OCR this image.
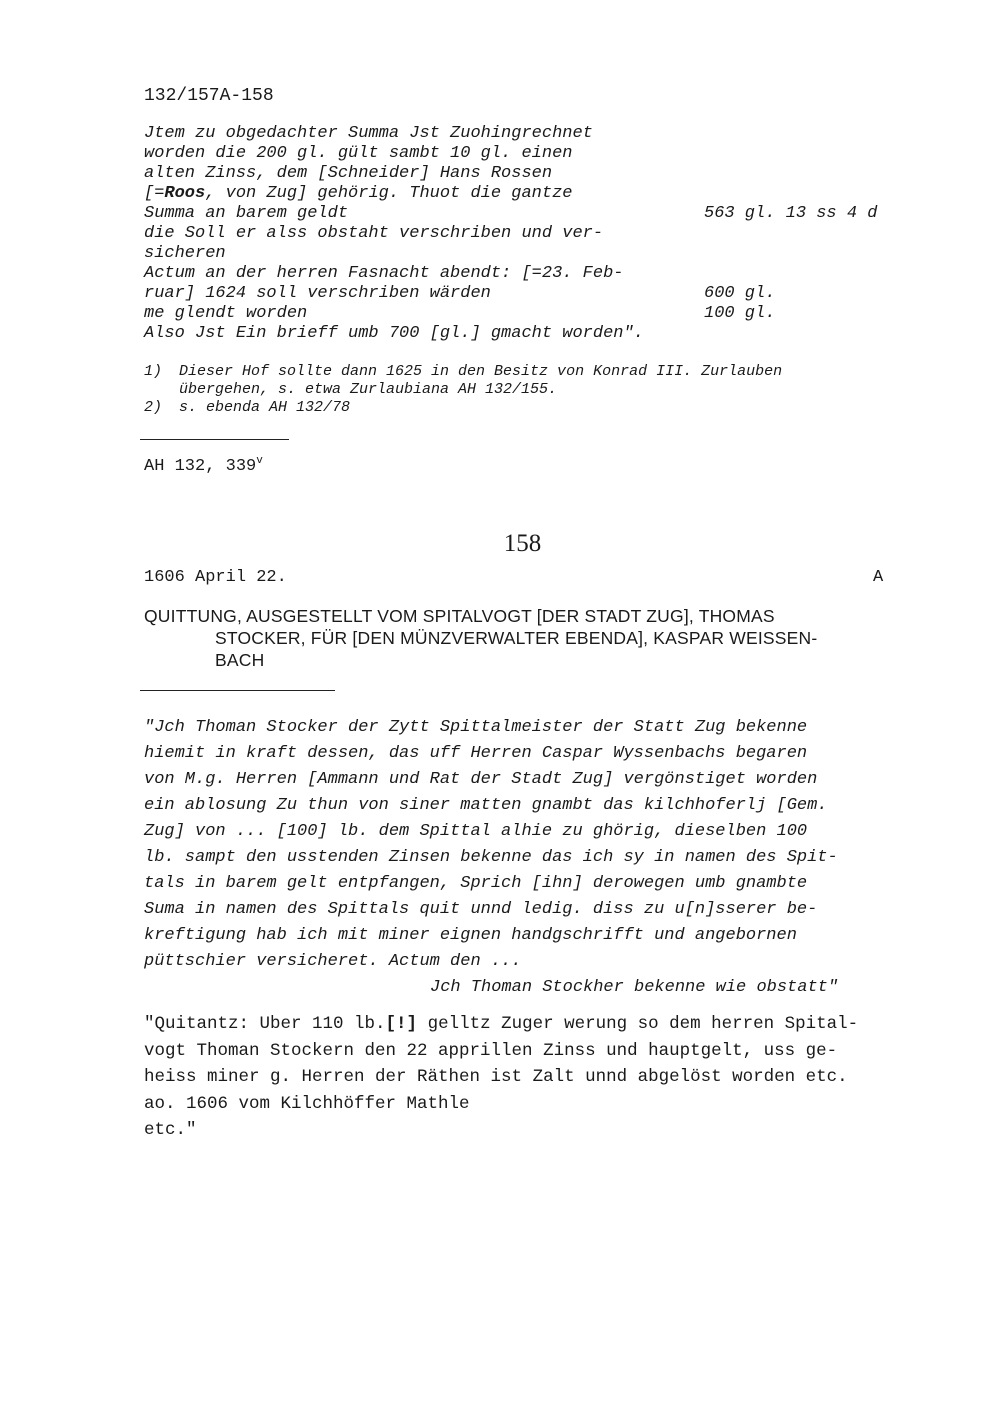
132/157A-158
Jtem zu obgedachter Summa Jst Zuohingrechnet
worden die 200 gl. gült sambt 10 gl. einen
alten Zinss, dem [Schneider] Hans Rossen
[=Roos, von Zug] gehörig. Thuot die gantze
Summa an barem geldt	563 gl. 13 ss 4 d
die Soll er alss obstaht verschriben und ver-
sicheren
Actum an der herren Fasnacht abendt: [=23. Feb-
ruar] 1624 soll verschriben wärden	600 gl.
me glendt worden	100 gl.
Also Jst Ein brieff umb 700 [gl.] gmacht worden".
1) Dieser Hof sollte dann 1625 in den Besitz von Konrad III. Zurlauben
übergehen, s. etwa Zurlaubiana AH 132/155.
2) s. ebenda AH 132/78
AH 132, 339$^v$
158
1606 April 22.	A
QUITTUNG, AUSGESTELLT VOM SPITALVOGT [DER STADT ZUG], THOMAS
STOCKER, FÜR [DEN MÜNZVERWALTER EBENDA], KASPAR WEISSEN-
BACH
"Jch Thoman Stocker der Zytt Spittalmeister der Statt Zug bekenne
hiemit in kraft dessen, das uff Herren Caspar Wyssenbachs begaren
von M.g. Herren [Ammann und Rat der Stadt Zug] vergönstiget worden
ein ablosung Zu thun von siner matten gnambt das kilchhoferlj [Gem.
Zug] von ... [100] lb. dem Spittal alhie zu ghörig, dieselben 100
lb. sampt den usstenden Zinsen bekenne das ich sy in namen des Spit-
tals in barem gelt entpfangen, Sprich [ihn] derowegen umb gnambte
Suma in namen des Spittals quit unnd ledig. diss zu u[n]sserer be-
kreftigung hab ich mit miner eignen handgschrifft und angebornen
püttschier versicheret. Actum den ...
Jch Thoman Stockher bekenne wie obstatt"
"Quitantz: Uber 110 lb.[!] gelltz Zuger werung so dem herren Spital-
vogt Thoman Stockern den 22 apprillen Zinss und hauptgelt, uss ge-
heiss miner g. Herren der Räthen ist Zalt unnd abgelöst worden etc.
ao. 1606 vom Kilchhöffer Mathle
etc."
